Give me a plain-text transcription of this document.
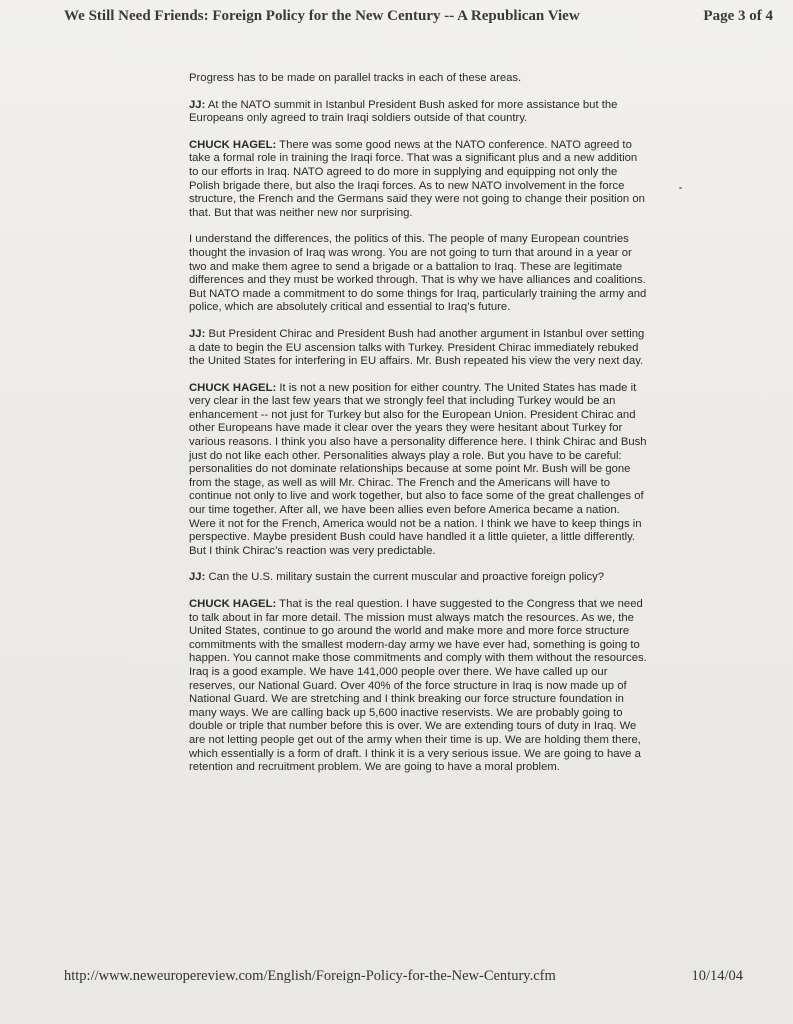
We Still Need Friends: Foreign Policy for the New Century -- A Republican View	Page 3 of 4

Progress has to be made on parallel tracks in each of these areas.

JJ: At the NATO summit in Istanbul President Bush asked for more assistance but the Europeans only agreed to train Iraqi soldiers outside of that country.

CHUCK HAGEL: There was some good news at the NATO conference. NATO agreed to take a formal role in training the Iraqi force. That was a significant plus and a new addition to our efforts in Iraq. NATO agreed to do more in supplying and equipping not only the Polish brigade there, but also the Iraqi forces. As to new NATO involvement in the force structure, the French and the Germans said they were not going to change their position on that. But that was neither new nor surprising.

I understand the differences, the politics of this. The people of many European countries thought the invasion of Iraq was wrong. You are not going to turn that around in a year or two and make them agree to send a brigade or a battalion to Iraq. These are legitimate differences and they must be worked through. That is why we have alliances and coalitions. But NATO made a commitment to do some things for Iraq, particularly training the army and police, which are absolutely critical and essential to Iraq’s future.

JJ: But President Chirac and President Bush had another argument in Istanbul over setting a date to begin the EU ascension talks with Turkey. President Chirac immediately rebuked the United States for interfering in EU affairs. Mr. Bush repeated his view the very next day.

CHUCK HAGEL: It is not a new position for either country. The United States has made it very clear in the last few years that we strongly feel that including Turkey would be an enhancement -- not just for Turkey but also for the European Union. President Chirac and other Europeans have made it clear over the years they were hesitant about Turkey for various reasons. I think you also have a personality difference here. I think Chirac and Bush just do not like each other. Personalities always play a role. But you have to be careful: personalities do not dominate relationships because at some point Mr. Bush will be gone from the stage, as well as will Mr. Chirac. The French and the Americans will have to continue not only to live and work together, but also to face some of the great challenges of our time together. After all, we have been allies even before America became a nation. Were it not for the French, America would not be a nation. I think we have to keep things in perspective. Maybe president Bush could have handled it a little quieter, a little differently. But I think Chirac’s reaction was very predictable.

JJ: Can the U.S. military sustain the current muscular and proactive foreign policy?

CHUCK HAGEL: That is the real question. I have suggested to the Congress that we need to talk about in far more detail. The mission must always match the resources. As we, the United States, continue to go around the world and make more and more force structure commitments with the smallest modern-day army we have ever had, something is going to happen. You cannot make those commitments and comply with them without the resources. Iraq is a good example. We have 141,000 people over there. We have called up our reserves, our National Guard. Over 40% of the force structure in Iraq is now made up of National Guard. We are stretching and I think breaking our force structure foundation in many ways. We are calling back up 5,600 inactive reservists. We are probably going to double or triple that number before this is over. We are extending tours of duty in Iraq. We are not letting people get out of the army when their time is up. We are holding them there, which essentially is a form of draft. I think it is a very serious issue. We are going to have a retention and recruitment problem. We are going to have a moral problem.

http://www.neweuropereview.com/English/Foreign-Policy-for-the-New-Century.cfm	10/14/04
